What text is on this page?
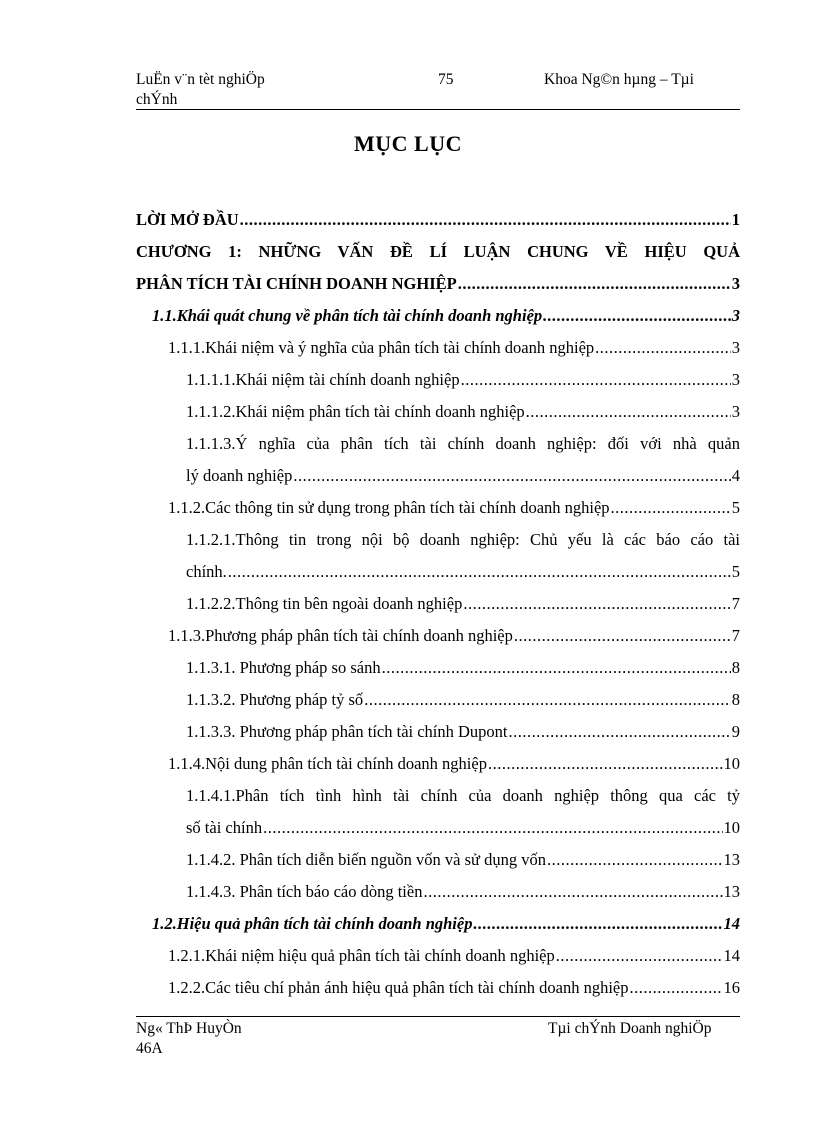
LuËn v¨n tèt nghiÖp	75	Khoa Ng©n hµng – Tµi
chÝnh
MỤC LỤC
LỜI MỞ ĐẦU .....	1
CHƯƠNG 1: NHỮNG VẤN ĐỀ LÍ LUẬN CHUNG VỀ HIỆU QUẢ
PHÂN TÍCH TÀI CHÍNH DOANH NGHIỆP .....	3
1.1.Khái quát chung về phân tích tài chính doanh nghiệp .....	3
1.1.1.Khái niệm và ý nghĩa của phân tích tài chính doanh nghiệp .....	3
1.1.1.1.Khái niệm tài chính doanh nghiệp .....	3
1.1.1.2.Khái niệm phân tích tài chính doanh nghiệp .....	3
1.1.1.3.Ý nghĩa của phân tích tài chính doanh nghiệp: đối với nhà quản
lý doanh nghiệp .....	4
1.1.2.Các thông tin sử dụng trong phân tích tài chính doanh nghiệp .....	5
1.1.2.1.Thông tin trong nội bộ doanh nghiệp: Chủ yếu là các báo cáo tài
chính. .....	5
1.1.2.2.Thông tin bên ngoài doanh nghiệp .....	7
1.1.3.Phương pháp phân tích tài chính doanh nghiệp .....	7
1.1.3.1. Phương pháp so sánh .....	8
1.1.3.2. Phương pháp tỷ số .....	8
1.1.3.3. Phương pháp phân tích tài chính Dupont .....	9
1.1.4.Nội dung phân tích tài chính doanh nghiệp .....	10
1.1.4.1.Phân tích tình hình tài chính của doanh nghiệp thông qua các tỷ
số tài chính .....	10
1.1.4.2. Phân tích diễn biến nguồn vốn và sử dụng vốn .....	13
1.1.4.3. Phân tích báo cáo dòng tiền .....	13
1.2.Hiệu quả phân tích tài chính doanh nghiệp .....	14
1.2.1.Khái niệm hiệu quả phân tích tài chính doanh nghiệp .....	14
1.2.2.Các tiêu chí phản ánh hiệu quả phân tích tài chính doanh nghiệp .....	16
Ng« ThÞ HuyÒn
46A
Tµi chÝnh Doanh nghiÖp
